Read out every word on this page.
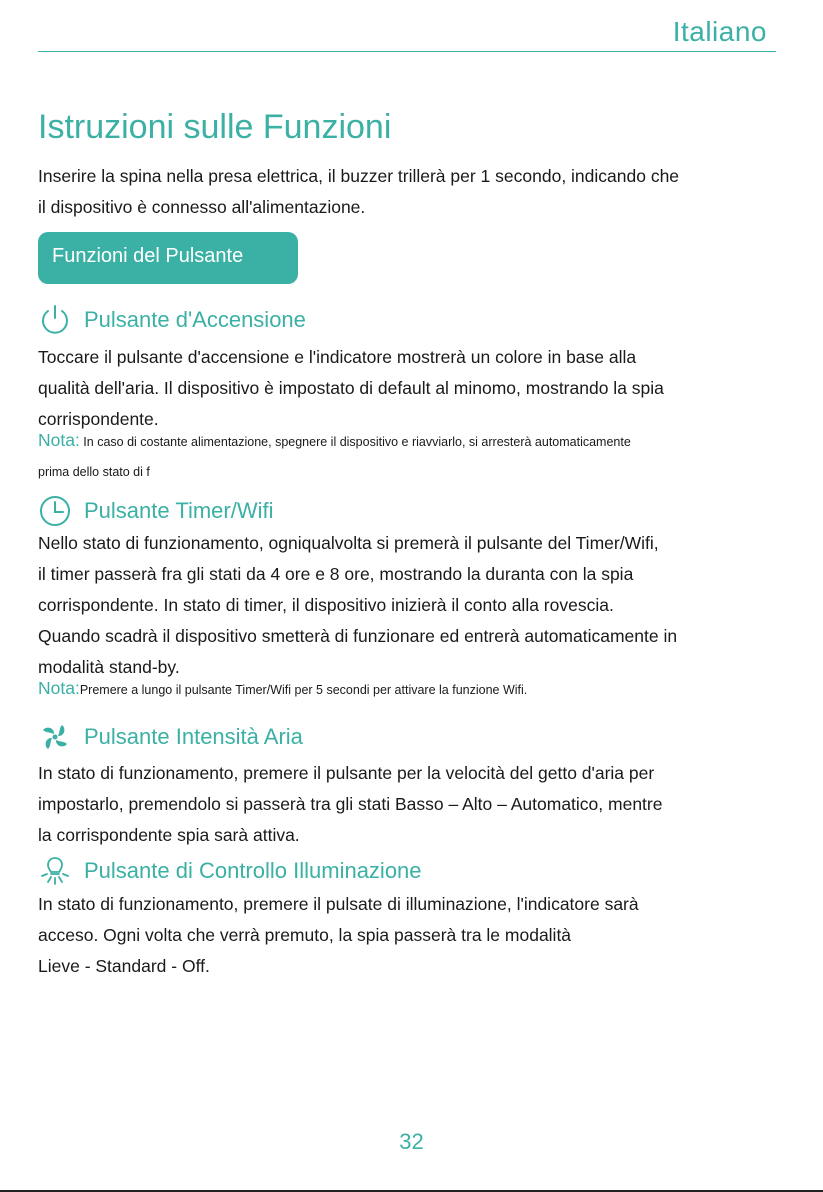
Italiano
Istruzioni sulle Funzioni
Inserire la spina nella presa elettrica, il buzzer trillerà per 1 secondo, indicando che
il dispositivo è connesso all'alimentazione.
Funzioni del Pulsante
Pulsante d'Accensione
Toccare il pulsante d'accensione e l'indicatore mostrerà un colore in base alla
qualità dell'aria. Il dispositivo è impostato di default al minomo, mostrando la spia
corrispondente.
Nota: In caso di costante alimentazione, spegnere il dispositivo e riavviarlo, si arresterà automaticamente
prima dello stato di f
Pulsante Timer/Wifi
Nello stato di funzionamento, ogniqualvolta si premerà il pulsante del Timer/Wifi,
il timer passerà fra gli stati da 4 ore e 8 ore, mostrando la duranta con la spia
corrispondente. In stato di timer, il dispositivo inizierà il conto alla rovescia.
Quando scadrà il dispositivo smetterà di funzionare ed entrerà automaticamente in
modalità stand-by.
Nota:Premere a lungo il pulsante Timer/Wifi per 5 secondi per attivare la funzione Wifi.
Pulsante Intensità Aria
In stato di funzionamento, premere il pulsante per la velocità del getto d'aria per
impostarlo, premendolo si passerà tra gli stati Basso – Alto – Automatico, mentre
la corrispondente spia sarà attiva.
Pulsante di Controllo Illuminazione
In stato di funzionamento, premere il pulsate di illuminazione, l'indicatore sarà
acceso. Ogni volta che verrà premuto, la spia passerà tra le modalità
Lieve - Standard - Off.
32
